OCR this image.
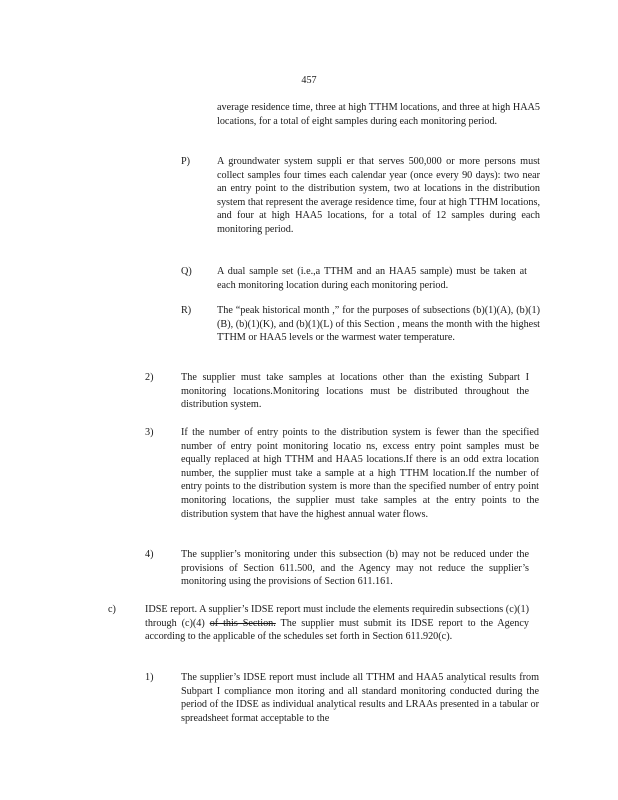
457
average residence time, three at high TTHM locations, and three at high HAA5 locations, for a total of eight samples during each monitoring period.
P)	A groundwater system suppli er that serves 500,000 or more persons must collect samples four times each calendar year (once every 90 days): two near an entry point to the distribution system, two at locations in the distribution system that represent the average residence time, four at high TTHM locations, and four at high HAA5 locations, for a total of 12 samples during each monitoring period.
Q) A dual sample set (i.e.,a TTHM and an HAA5 sample) must be taken at each monitoring location during each monitoring period.
R)	The “peak historical month ,” for the purposes of subsections (b)(1)(A), (b)(1)(B), (b)(1)(K), and (b)(1)(L) of this Section , means the month with the highest TTHM or HAA5 levels or the warmest water temperature.
2)	The supplier must take samples at locations other than the existing Subpart I monitoring locations.Monitoring locations must be distributed throughout the distribution system.
3)	If the number of entry points to the distribution system is fewer than the specified number of entry point monitoring locatio ns, excess entry point samples must be equally replaced at high TTHM and HAA5 locations.If there is an odd extra location number, the supplier must take a sample at a high TTHM location.If the number of entry points to the distribution system is more than the specified number of entry point monitoring locations, the supplier must take samples at the entry points to the distribution system that have the highest annual water flows.
4)	The supplier’s monitoring under this subsection (b) may not be reduced under the provisions of Section 611.500, and the Agency may not reduce the supplier’s monitoring using the provisions of Section 611.161.
c)	IDSE report. A supplier’s IDSE report must include the elements requiredin subsections (c)(1) through (c)(4) of this Section. The supplier must submit its IDSE report to the Agency according to the applicable of the schedules set forth in Section 611.920(c).
1)	The supplier’s IDSE report must include all TTHM and HAA5 analytical results from Subpart I compliance mon itoring and all standard monitoring conducted during the period of the IDSE as individual analytical results and LRAAs presented in a tabular or spreadsheet format acceptable to the
